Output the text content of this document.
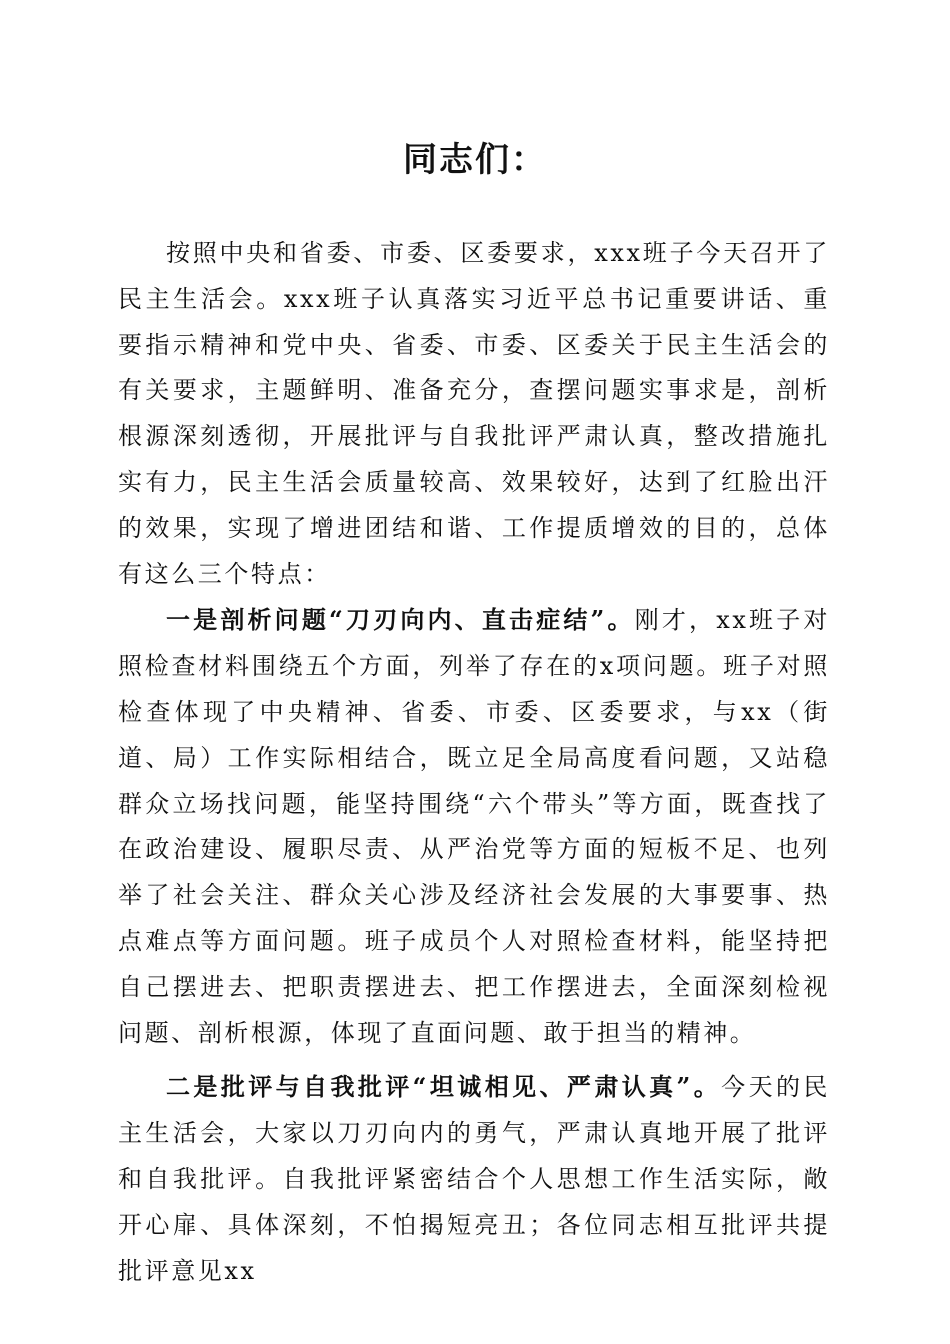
同志们：

按照中央和省委、市委、区委要求，xxx班子今天召开了民主生活会。xxx班子认真落实习近平总书记重要讲话、重要指示精神和党中央、省委、市委、区委关于民主生活会的有关要求，主题鲜明、准备充分，查摆问题实事求是，剖析根源深刻透彻，开展批评与自我批评严肃认真，整改措施扎实有力，民主生活会质量较高、效果较好，达到了红脸出汗的效果，实现了增进团结和谐、工作提质增效的目的，总体有这么三个特点：

一是剖析问题“刀刃向内、直击症结”。刚才，xx班子对照检查材料围绕五个方面，列举了存在的x项问题。班子对照检查体现了中央精神、省委、市委、区委要求，与xx（街道、局）工作实际相结合，既立足全局高度看问题，又站稳群众立场找问题，能坚持围绕“六个带头”等方面，既查找了在政治建设、履职尽责、从严治党等方面的短板不足、也列举了社会关注、群众关心涉及经济社会发展的大事要事、热点难点等方面问题。班子成员个人对照检查材料，能坚持把自己摆进去、把职责摆进去、把工作摆进去，全面深刻检视问题、剖析根源，体现了直面问题、敢于担当的精神。

二是批评与自我批评“坦诚相见、严肃认真”。今天的民主生活会，大家以刀刃向内的勇气，严肃认真地开展了批评和自我批评。自我批评紧密结合个人思想工作生活实际，敞开心扉、具体深刻，不怕揭短亮丑；各位同志相互批评共提批评意见xx
